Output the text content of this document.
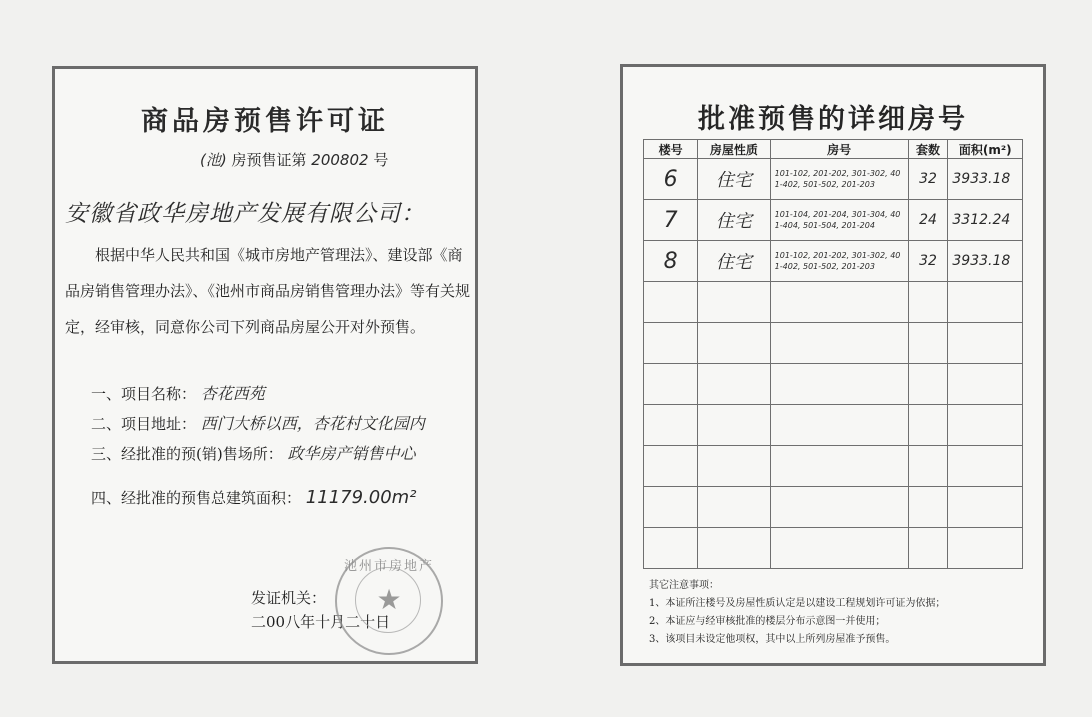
商品房预售许可证
(池) 房预售证第 200802 号
安徽省政华房地产发展有限公司：
根据中华人民共和国《城市房地产管理法》、建设部《商品房销售管理办法》、《池州市商品房销售管理办法》等有关规定，经审核，同意你公司下列商品房屋公开对外预售。
一、项目名称： 杏花西苑
二、项目地址： 西门大桥以西，杏花村文化园内
三、经批准的预(销)售场所： 政华房产销售中心
四、经批准的预售总建筑面积： 11179.00m²
发证机关：
二00八年十月二十日
池州市房地产
★
批准预售的详细房号
楼号	房屋性质	房号	套数	面积(m²)
6	住宅	101-102, 201-202, 301-302, 401-402, 501-502, 201-203	32	3933.18
7	住宅	101-104, 201-204, 301-304, 401-404, 501-504, 201-204	24	3312.24
8	住宅	101-102, 201-202, 301-302, 401-402, 501-502, 201-203	32	3933.18

其它注意事项：
1、本证所注楼号及房屋性质认定是以建设工程规划许可证为依据；
2、本证应与经审核批准的楼层分布示意图一并使用；
3、该项目未设定他项权，其中以上所列房屋准予预售。
